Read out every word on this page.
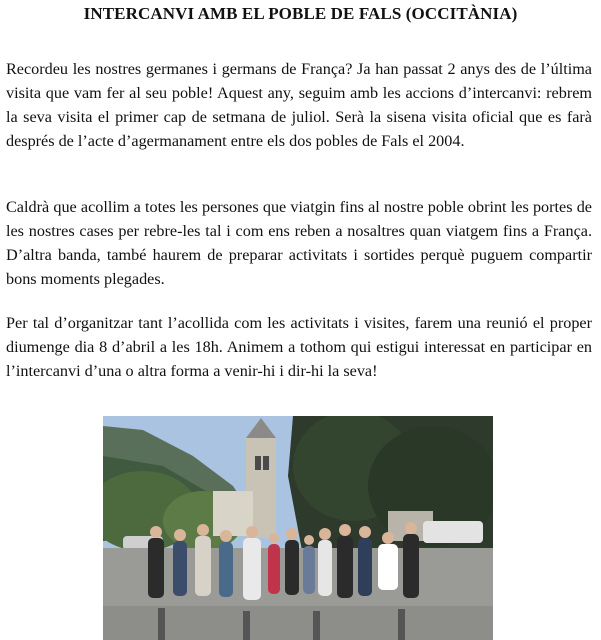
INTERCANVI AMB EL POBLE DE FALS (OCCITÀNIA)

Recordeu les nostres germanes i germans de França? Ja han passat 2 anys des de l’última visita que vam fer al seu poble! Aquest any, seguim amb les accions d’intercanvi: rebrem la seva visita el primer cap de setmana de juliol. Serà la sisena visita oficial que es farà després de l’acte d’agermanament entre els dos pobles de Fals el 2004.

Caldrà que acollim a totes les persones que viatgin fins al nostre poble obrint les portes de les nostres cases per rebre-les tal i com ens reben a nosaltres quan viatgem fins a França. D’altra banda, també haurem de preparar activitats i sortides perquè puguem compartir bons moments plegades.

Per tal d’organitzar tant l’acollida com les activitats i visites, farem una reunió el proper diumenge dia 8 d’abril a les 18h. Animem a tothom qui estigui interessat en participar en l’intercanvi d’una o altra forma a venir-hi i dir-hi la seva!
